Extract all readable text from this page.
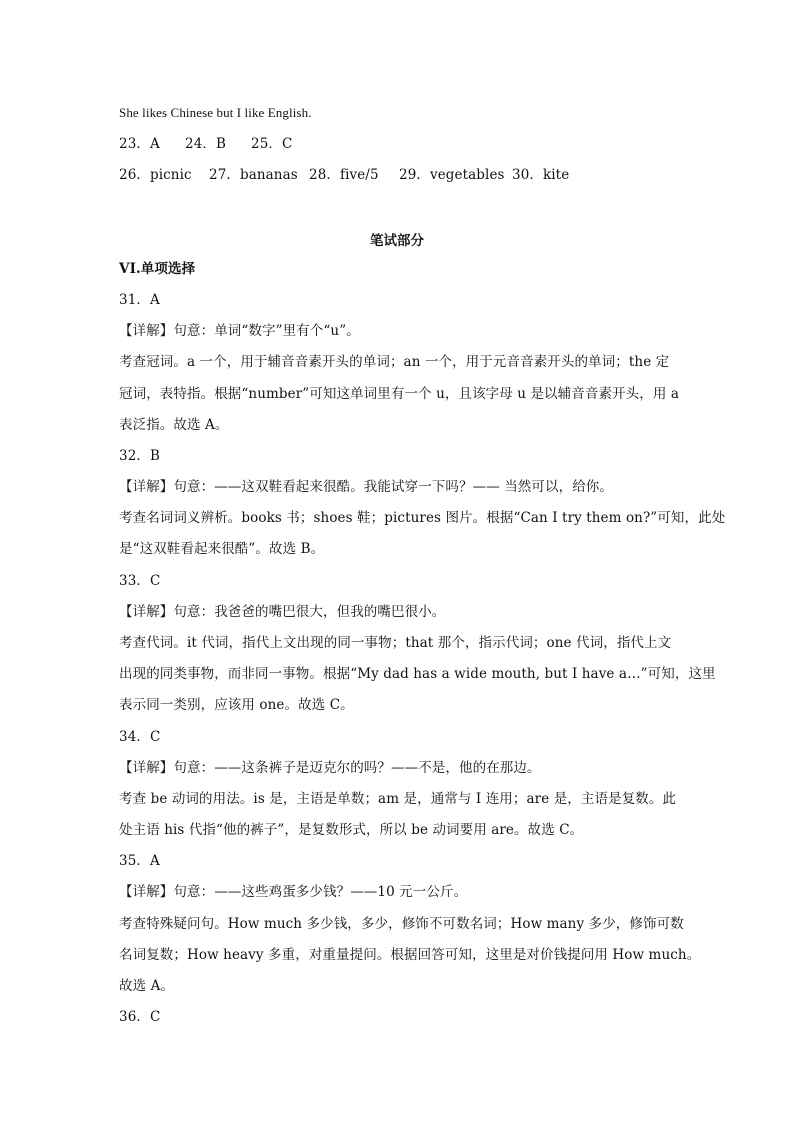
She likes Chinese but I like English.
23．A 24．B 25．C
26．picnic 27．bananas 28．five/5 29．vegetables 30．kite
笔试部分
VI.单项选择
31．A
【详解】句意：单词“数字”里有个“u”。
考查冠词。a 一个，用于辅音音素开头的单词；an 一个，用于元音音素开头的单词；the 定
冠词，表特指。根据“number”可知这单词里有一个 u，且该字母 u 是以辅音音素开头，用 a
表泛指。故选 A。
32．B
【详解】句意：——这双鞋看起来很酷。我能试穿一下吗？—— 当然可以，给你。
考查名词词义辨析。books 书；shoes 鞋；pictures 图片。根据“Can I try them on?”可知，此处
是“这双鞋看起来很酷”。故选 B。
33．C
【详解】句意：我爸爸的嘴巴很大，但我的嘴巴很小。
考查代词。it 代词，指代上文出现的同一事物；that 那个，指示代词；one 代词，指代上文
出现的同类事物，而非同一事物。根据“My dad has a wide mouth, but I have a…”可知，这里
表示同一类别，应该用 one。故选 C。
34．C
【详解】句意：——这条裤子是迈克尔的吗？——不是，他的在那边。
考查 be 动词的用法。is 是，主语是单数；am 是，通常与 I 连用；are 是，主语是复数。此
处主语 his 代指“他的裤子”，是复数形式，所以 be 动词要用 are。故选 C。
35．A
【详解】句意：——这些鸡蛋多少钱？——10 元一公斤。
考查特殊疑问句。How much 多少钱，多少，修饰不可数名词；How many 多少，修饰可数
名词复数；How heavy 多重，对重量提问。根据回答可知，这里是对价钱提问用 How much。
故选 A。
36．C
